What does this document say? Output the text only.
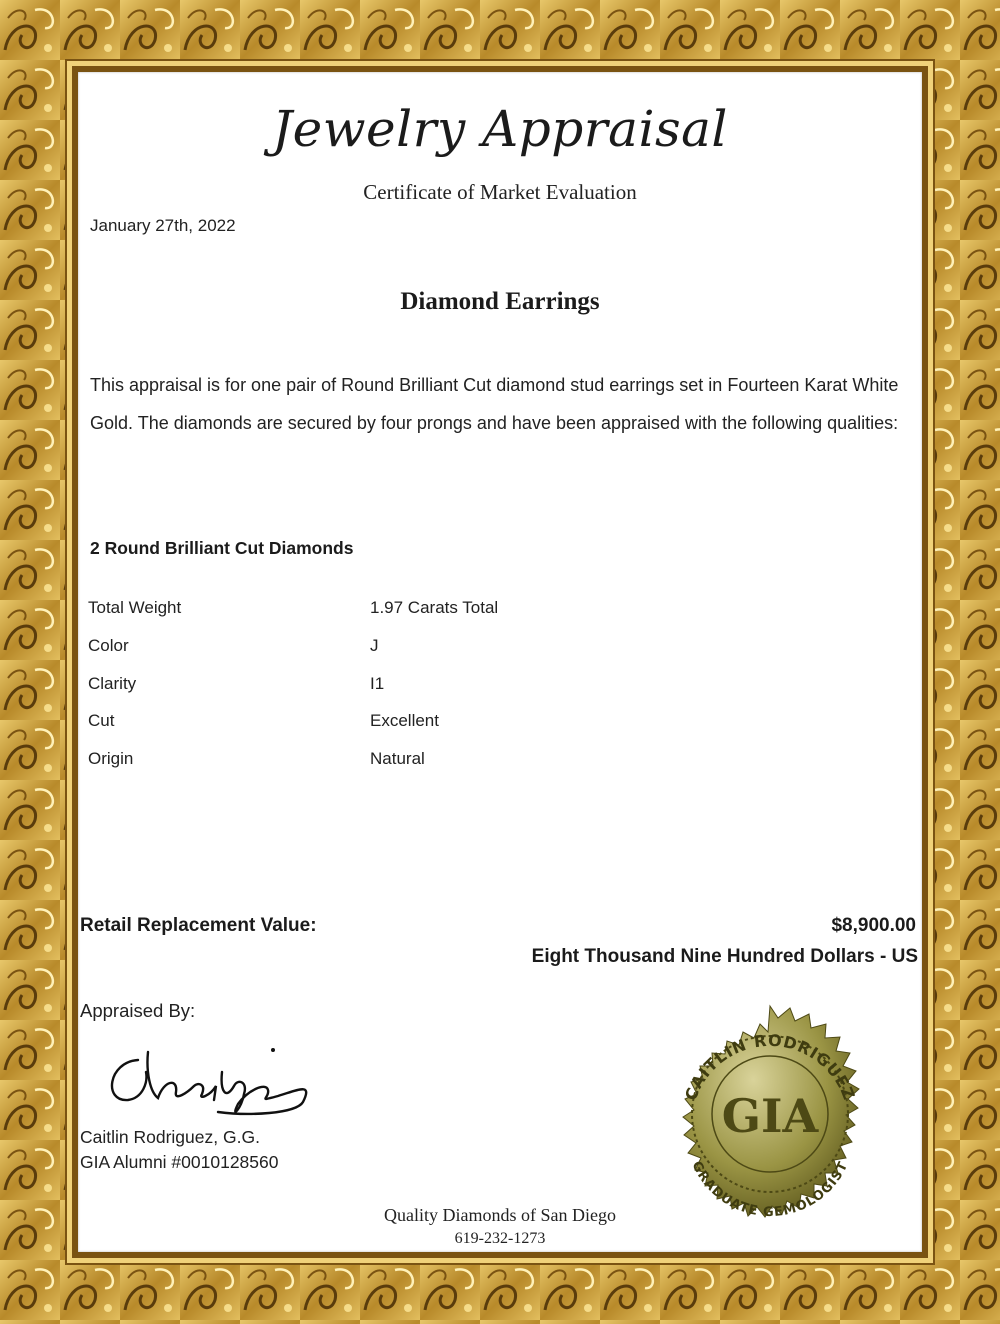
Jewelry Appraisal
Certificate of Market Evaluation
January 27th, 2022
Diamond Earrings
This appraisal is for one pair of Round Brilliant Cut diamond stud earrings set in Fourteen Karat White Gold. The diamonds are secured by four prongs and have been appraised with the following qualities:
2 Round Brilliant Cut Diamonds
Total Weight	1.97 Carats Total
Color	J
Clarity	I1
Cut	Excellent
Origin	Natural
Retail Replacement Value:	$8,900.00
Eight Thousand Nine Hundred Dollars - US
Appraised By:
Caitlin Rodriguez, G.G.
GIA Alumni #0010128560
CAITLIN RODRIGUEZ
GRADUATE GEMOLOGIST
GIA
Quality Diamonds of San Diego
619-232-1273
